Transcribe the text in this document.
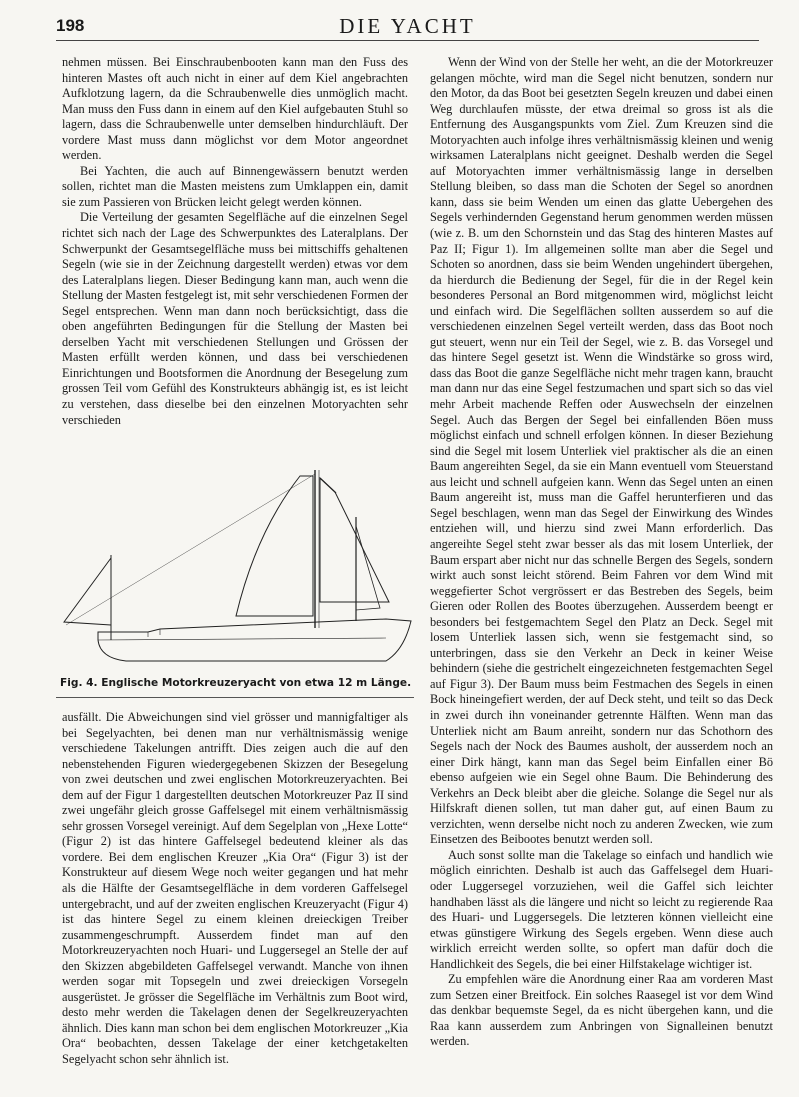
198	DIE YACHT

nehmen müssen. Bei Einschraubenbooten kann man den Fuss des hinteren Mastes oft auch nicht in einer auf dem Kiel angebrachten Aufklotzung lagern, da die Schraubenwelle dies unmöglich macht. Man muss den Fuss dann in einem auf den Kiel aufgebauten Stuhl so lagern, dass die Schraubenwelle unter demselben hindurchläuft. Der vordere Mast muss dann möglichst vor dem Motor angeordnet werden.

Bei Yachten, die auch auf Binnengewässern benutzt werden sollen, richtet man die Masten meistens zum Umklappen ein, damit sie zum Passieren von Brücken leicht gelegt werden können.

Die Verteilung der gesamten Segelfläche auf die einzelnen Segel richtet sich nach der Lage des Schwerpunktes des Lateralplans. Der Schwerpunkt der Gesamtsegelfläche muss bei mittschiffs gehaltenen Segeln (wie sie in der Zeichnung dargestellt werden) etwas vor dem des Lateralplans liegen. Dieser Bedingung kann man, auch wenn die Stellung der Masten festgelegt ist, mit sehr verschiedenen Formen der Segel entsprechen. Wenn man dann noch berücksichtigt, dass die oben angeführten Bedingungen für die Stellung der Masten bei derselben Yacht mit verschiedenen Stellungen und Grössen der Masten erfüllt werden können, und dass bei verschiedenen Einrichtungen und Bootsformen die Anordnung der Besegelung zum grossen Teil vom Gefühl des Konstrukteurs abhängig ist, es ist leicht zu verstehen, dass dieselbe bei den einzelnen Motoryachten sehr verschieden

Fig. 4. Englische Motorkreuzeryacht von etwa 12 m Länge.

ausfällt. Die Abweichungen sind viel grösser und mannigfaltiger als bei Segelyachten, bei denen man nur verhältnismässig wenige verschiedene Takelungen antrifft. Dies zeigen auch die auf den nebenstehenden Figuren wiedergegebenen Skizzen der Besegelung von zwei deutschen und zwei englischen Motorkreuzeryachten. Bei dem auf der Figur 1 dargestellten deutschen Motorkreuzer Paz II sind zwei ungefähr gleich grosse Gaffelsegel mit einem verhältnismässig sehr grossen Vorsegel vereinigt. Auf dem Segelplan von „Hexe Lotte“ (Figur 2) ist das hintere Gaffelsegel bedeutend kleiner als das vordere. Bei dem englischen Kreuzer „Kia Ora“ (Figur 3) ist der Konstrukteur auf diesem Wege noch weiter gegangen und hat mehr als die Hälfte der Gesamtsegelfläche in dem vorderen Gaffelsegel untergebracht, und auf der zweiten englischen Kreuzeryacht (Figur 4) ist das hintere Segel zu einem kleinen dreieckigen Treiber zusammengeschrumpft. Ausserdem findet man auf den Motorkreuzeryachten noch Huari- und Luggersegel an Stelle der auf den Skizzen abgebildeten Gaffelsegel verwandt. Manche von ihnen werden sogar mit Topsegeln und zwei dreieckigen Vorsegeln ausgerüstet. Je grösser die Segelfläche im Verhältnis zum Boot wird, desto mehr werden die Takelagen denen der Segelkreuzeryachten ähnlich. Dies kann man schon bei dem englischen Motorkreuzer „Kia Ora“ beobachten, dessen Takelage der einer ketchgetakelten Segelyacht schon sehr ähnlich ist.

Wenn der Wind von der Stelle her weht, an die der Motorkreuzer gelangen möchte, wird man die Segel nicht benutzen, sondern nur den Motor, da das Boot bei gesetzten Segeln kreuzen und dabei einen Weg durchlaufen müsste, der etwa dreimal so gross ist als die Entfernung des Ausgangspunkts vom Ziel. Zum Kreuzen sind die Motoryachten auch infolge ihres verhältnismässig kleinen und wenig wirksamen Lateralplans nicht geeignet. Deshalb werden die Segel auf Motoryachten immer verhältnismässig lange in derselben Stellung bleiben, so dass man die Schoten der Segel so anordnen kann, dass sie beim Wenden um einen das glatte Uebergehen des Segels verhindernden Gegenstand herum genommen werden müssen (wie z. B. um den Schornstein und das Stag des hinteren Mastes auf Paz II; Figur 1). Im allgemeinen sollte man aber die Segel und Schoten so anordnen, dass sie beim Wenden ungehindert übergehen, da hierdurch die Bedienung der Segel, für die in der Regel kein besonderes Personal an Bord mitgenommen wird, möglichst leicht und einfach wird. Die Segelflächen sollten ausserdem so auf die verschiedenen einzelnen Segel verteilt werden, dass das Boot noch gut steuert, wenn nur ein Teil der Segel, wie z. B. das Vorsegel und das hintere Segel gesetzt ist. Wenn die Windstärke so gross wird, dass das Boot die ganze Segelfläche nicht mehr tragen kann, braucht man dann nur das eine Segel festzumachen und spart sich so das viel mehr Arbeit machende Reffen oder Auswechseln der einzelnen Segel. Auch das Bergen der Segel bei einfallenden Böen muss möglichst einfach und schnell erfolgen können. In dieser Beziehung sind die Segel mit losem Unterliek viel praktischer als die an einen Baum angereihten Segel, da sie ein Mann eventuell vom Steuerstand aus leicht und schnell aufgeien kann. Wenn das Segel unten an einen Baum angereiht ist, muss man die Gaffel herunterfieren und das Segel beschlagen, wenn man das Segel der Einwirkung des Windes entziehen will, und hierzu sind zwei Mann erforderlich. Das angereihte Segel steht zwar besser als das mit losem Unterliek, der Baum erspart aber nicht nur das schnelle Bergen des Segels, sondern wirkt auch sonst leicht störend. Beim Fahren vor dem Wind mit weggefierter Schot vergrössert er das Bestreben des Segels, beim Gieren oder Rollen des Bootes überzugehen. Ausserdem beengt er besonders bei festgemachtem Segel den Platz an Deck. Segel mit losem Unterliek lassen sich, wenn sie festgemacht sind, so unterbringen, dass sie den Verkehr an Deck in keiner Weise behindern (siehe die gestrichelt eingezeichneten festgemachten Segel auf Figur 3). Der Baum muss beim Festmachen des Segels in einen Bock hineingefiert werden, der auf Deck steht, und teilt so das Deck in zwei durch ihn voneinander getrennte Hälften. Wenn man das Unterliek nicht am Baum anreiht, sondern nur das Schothorn des Segels nach der Nock des Baumes ausholt, der ausserdem noch an einer Dirk hängt, kann man das Segel beim Einfallen einer Bö ebenso aufgeien wie ein Segel ohne Baum. Die Behinderung des Verkehrs an Deck bleibt aber die gleiche. Solange die Segel nur als Hilfskraft dienen sollen, tut man daher gut, auf einen Baum zu verzichten, wenn derselbe nicht noch zu anderen Zwecken, wie zum Einsetzen des Beibootes benutzt werden soll.

Auch sonst sollte man die Takelage so einfach und handlich wie möglich einrichten. Deshalb ist auch das Gaffelsegel dem Huari- oder Luggersegel vorzuziehen, weil die Gaffel sich leichter handhaben lässt als die längere und nicht so leicht zu regierende Raa des Huari- und Luggersegels. Die letzteren können vielleicht eine etwas günstigere Wirkung des Segels ergeben. Wenn diese auch wirklich erreicht werden sollte, so opfert man dafür doch die Handlichkeit des Segels, die bei einer Hilfstakelage wichtiger ist.

Zu empfehlen wäre die Anordnung einer Raa am vorderen Mast zum Setzen einer Breitfock. Ein solches Raasegel ist vor dem Wind das denkbar bequemste Segel, da es nicht übergehen kann, und die Raa kann ausserdem zum Anbringen von Signalleinen benutzt werden.
